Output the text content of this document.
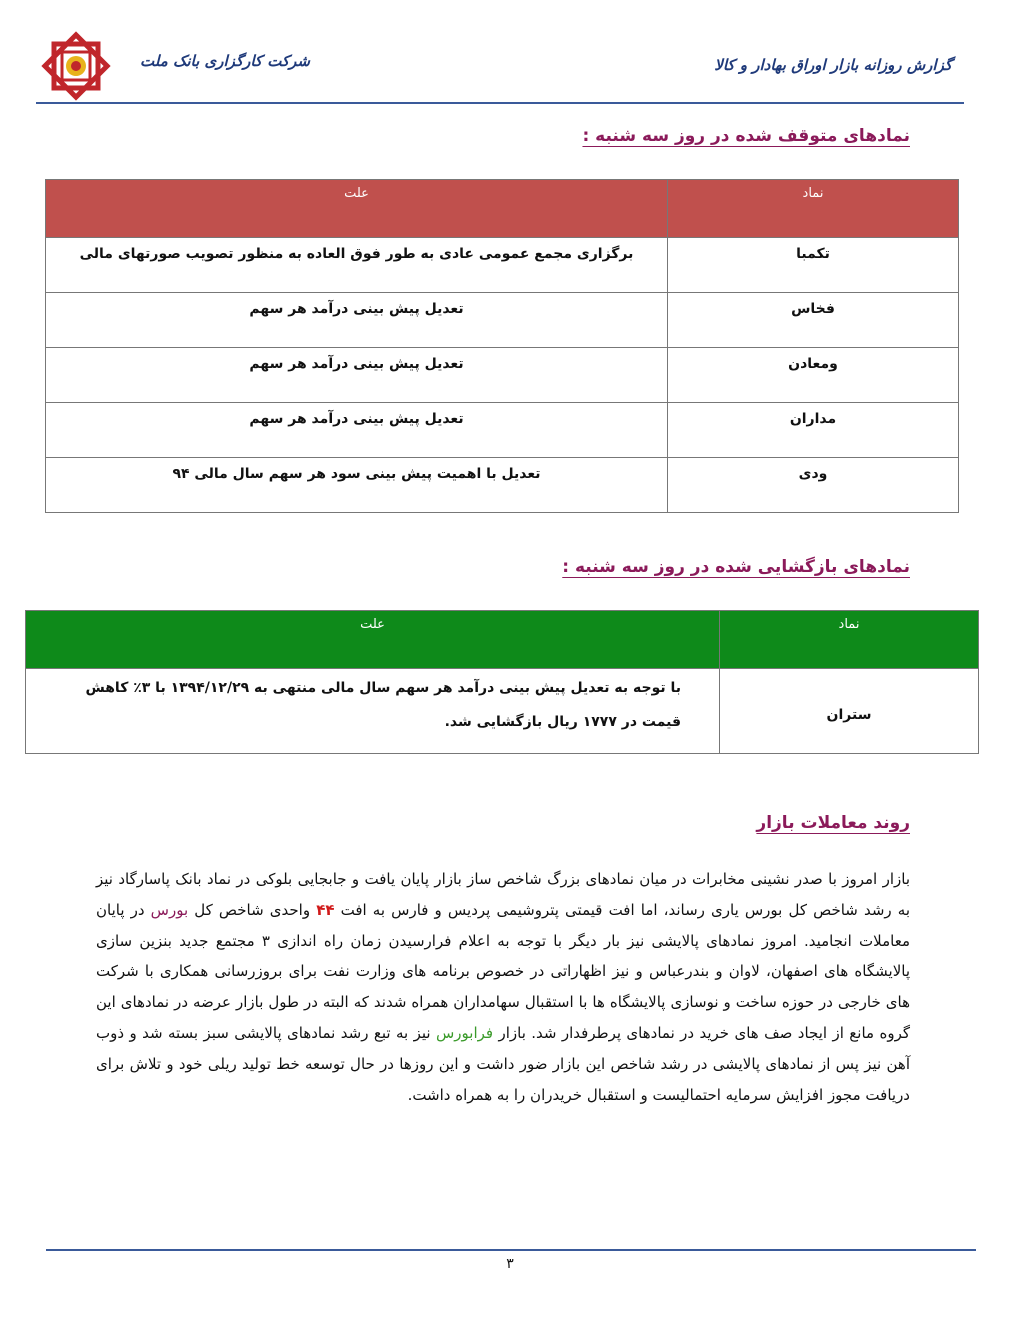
گزارش روزانه بازار اوراق بهادار و کالا
شرکت کارگزاری بانک ملت
نمادهای متوقف شده در روز سه شنبه :
نماد	علت
تکمبا	برگزاری مجمع عمومی عادی به طور فوق العاده به منظور تصویب صورتهای مالی
فخاس	تعدیل پیش بینی درآمد هر سهم
ومعادن	تعدیل پیش بینی درآمد هر سهم
مداران	تعدیل پیش بینی درآمد هر سهم
ودی	تعدیل با اهمیت پیش بینی سود هر سهم سال مالی ۹۴
نمادهای بازگشایی شده در روز سه شنبه :
نماد	علت
ستران	با توجه به تعدیل پیش بینی درآمد هر سهم سال مالی منتهی به ۱۳۹۴/۱۲/۲۹ با ۳٪ کاهش قیمت در ۱۷۷۷ ریال بازگشایی شد.
روند معاملات بازار
بازار امروز با صدر نشینی مخابرات در میان نمادهای بزرگ شاخص ساز بازار پایان یافت و جابجایی بلوکی در نماد بانک پاسارگاد نیز به رشد شاخص کل بورس یاری رساند، اما افت قیمتی پتروشیمی پردیس و فارس به افت ۴۴ واحدی شاخص کل بورس در پایان معاملات انجامید. امروز نمادهای پالایشی نیز بار دیگر با توجه به اعلام فرارسیدن زمان راه اندازی ۳ مجتمع جدید بنزین سازی پالایشگاه های اصفهان، لاوان و بندرعباس و نیز اظهاراتی در خصوص برنامه های وزارت نفت برای بروزرسانی همکاری با شرکت های خارجی در حوزه ساخت و نوسازی پالایشگاه ها با استقبال سهامداران همراه شدند که البته در طول بازار عرضه در نمادهای این گروه مانع از ایجاد صف های خرید در نمادهای پرطرفدار شد. بازار فرابورس نیز به تبع رشد نمادهای پالایشی سبز بسته شد و ذوب آهن نیز پس از نمادهای پالایشی در رشد شاخص این بازار ضور داشت و این روزها در حال توسعه خط تولید ریلی خود و تلاش برای دریافت مجوز افزایش سرمایه احتمالیست و استقبال خریدران را به همراه داشت.
۳
